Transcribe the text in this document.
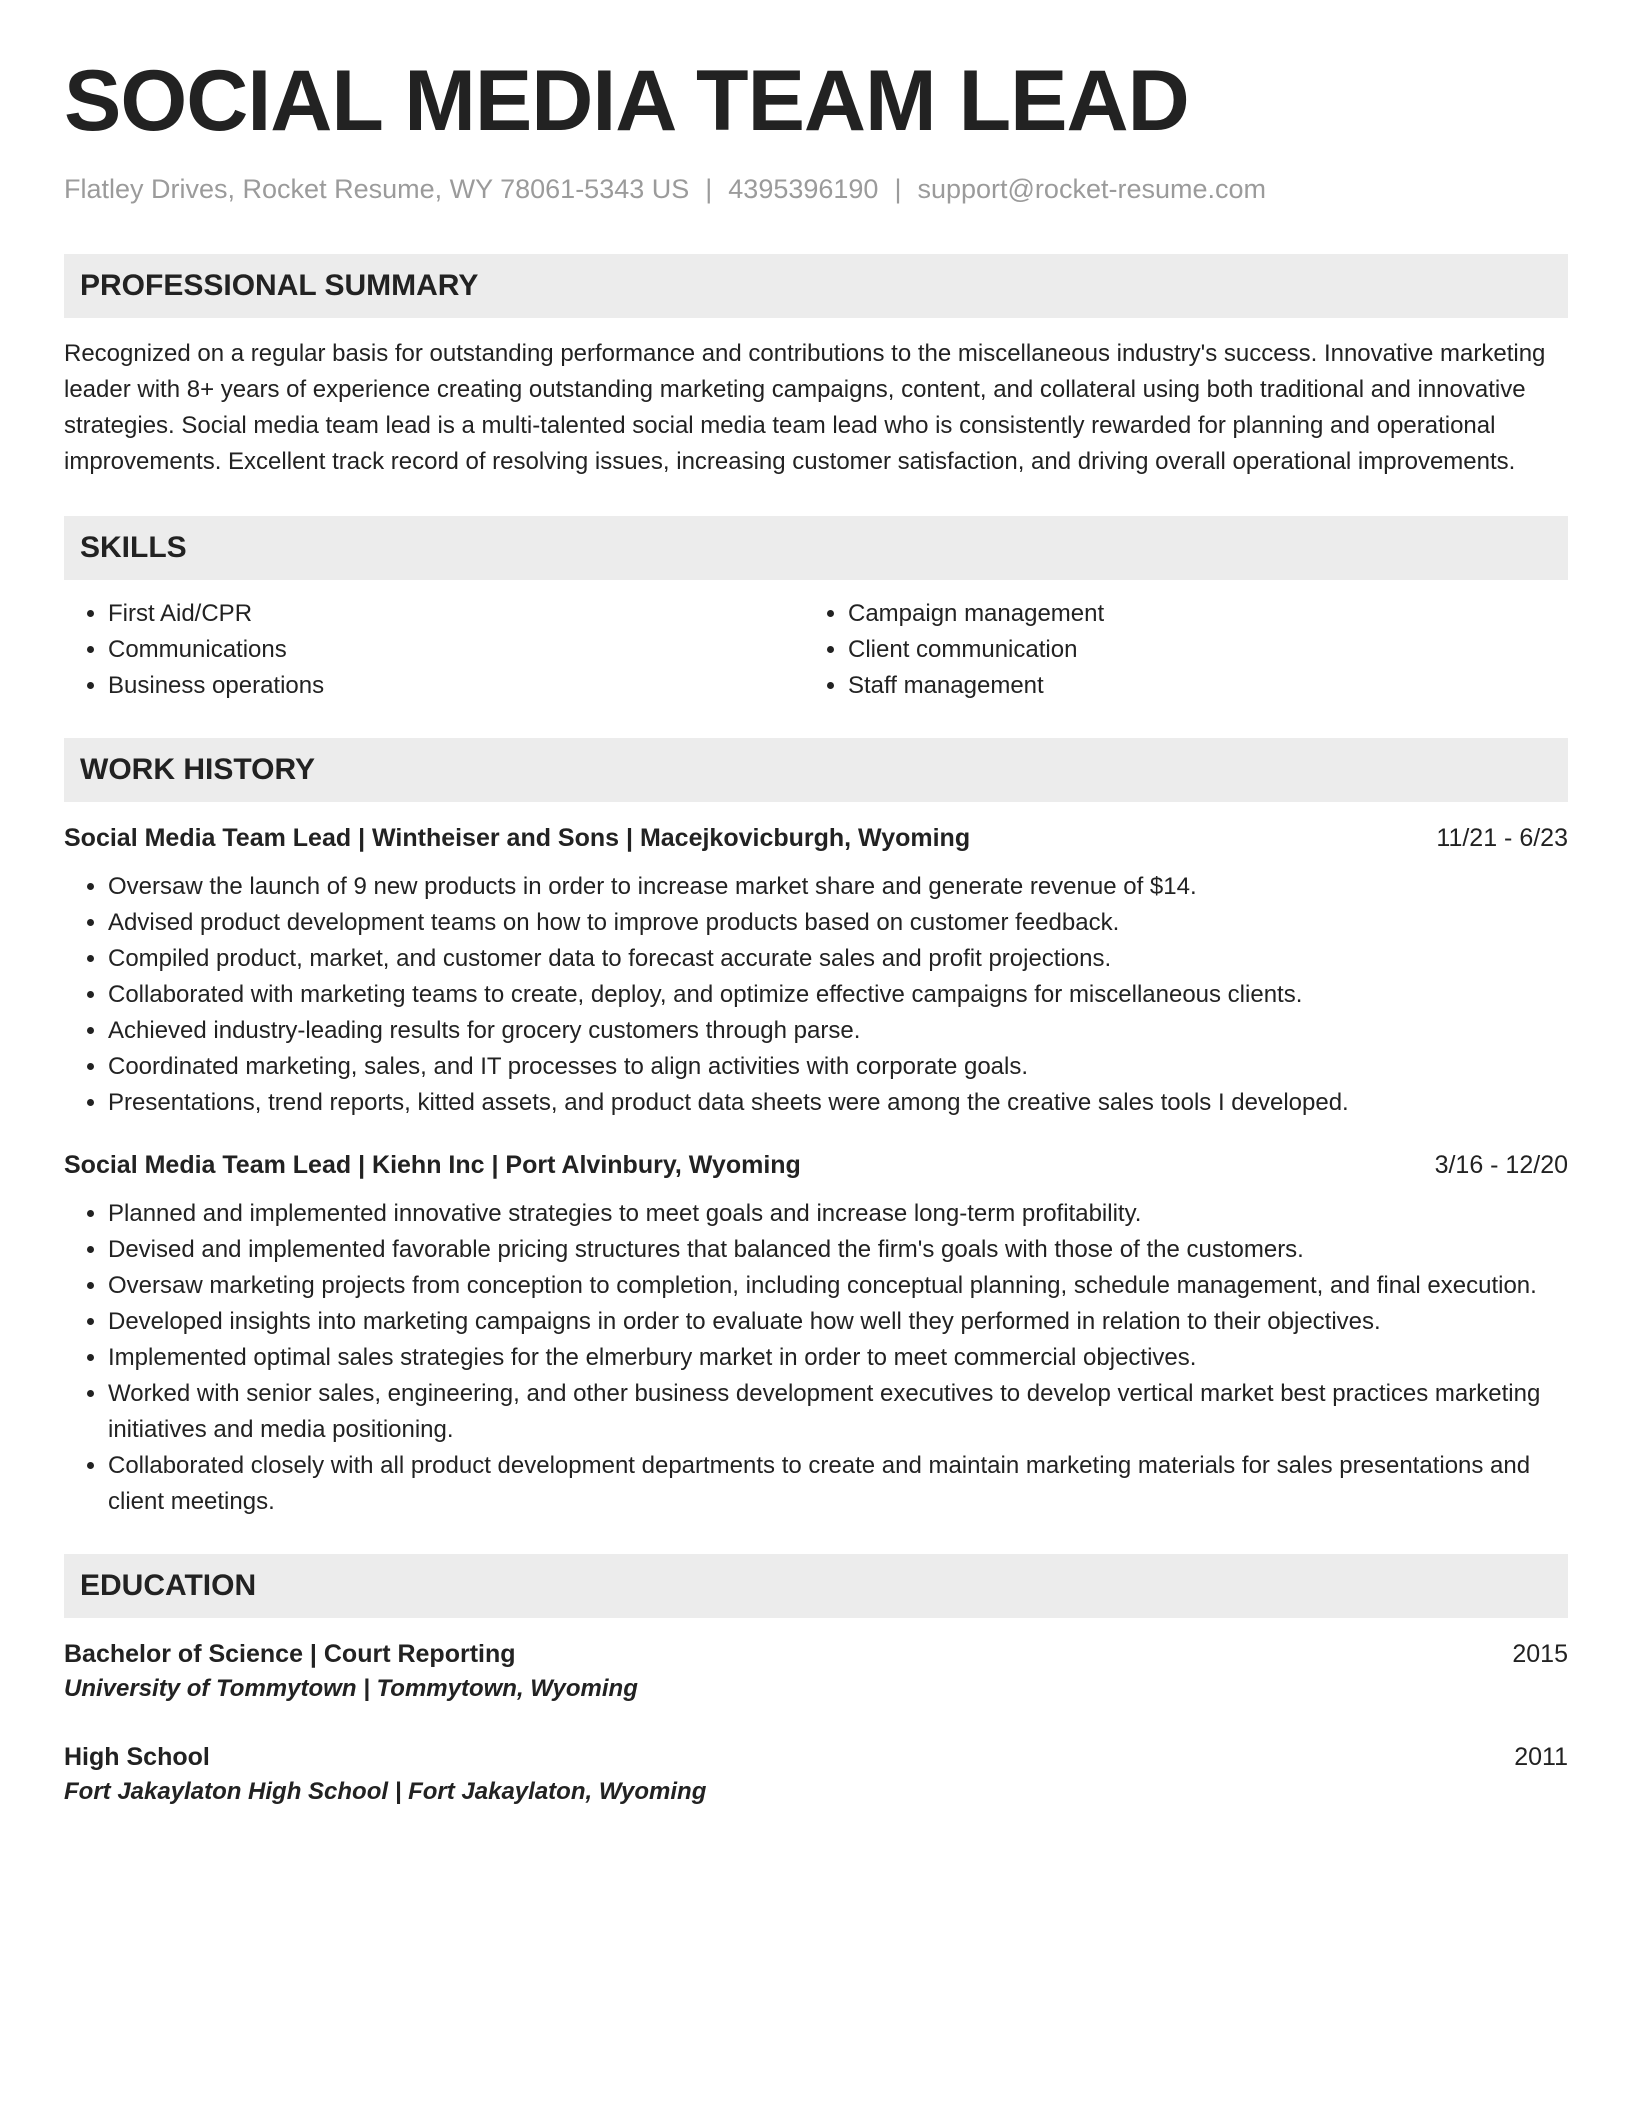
SOCIAL MEDIA TEAM LEAD
Flatley Drives, Rocket Resume, WY 78061-5343 US | 4395396190 | support@rocket-resume.com
PROFESSIONAL SUMMARY
Recognized on a regular basis for outstanding performance and contributions to the miscellaneous industry's success. Innovative marketing leader with 8+ years of experience creating outstanding marketing campaigns, content, and collateral using both traditional and innovative strategies. Social media team lead is a multi-talented social media team lead who is consistently rewarded for planning and operational improvements. Excellent track record of resolving issues, increasing customer satisfaction, and driving overall operational improvements.
SKILLS
• First Aid/CPR
• Communications
• Business operations
• Campaign management
• Client communication
• Staff management
WORK HISTORY
Social Media Team Lead | Wintheiser and Sons | Macejkovicburgh, Wyoming	11/21 - 6/23
• Oversaw the launch of 9 new products in order to increase market share and generate revenue of $14.
• Advised product development teams on how to improve products based on customer feedback.
• Compiled product, market, and customer data to forecast accurate sales and profit projections.
• Collaborated with marketing teams to create, deploy, and optimize effective campaigns for miscellaneous clients.
• Achieved industry-leading results for grocery customers through parse.
• Coordinated marketing, sales, and IT processes to align activities with corporate goals.
• Presentations, trend reports, kitted assets, and product data sheets were among the creative sales tools I developed.
Social Media Team Lead | Kiehn Inc | Port Alvinbury, Wyoming	3/16 - 12/20
• Planned and implemented innovative strategies to meet goals and increase long-term profitability.
• Devised and implemented favorable pricing structures that balanced the firm's goals with those of the customers.
• Oversaw marketing projects from conception to completion, including conceptual planning, schedule management, and final execution.
• Developed insights into marketing campaigns in order to evaluate how well they performed in relation to their objectives.
• Implemented optimal sales strategies for the elmerbury market in order to meet commercial objectives.
• Worked with senior sales, engineering, and other business development executives to develop vertical market best practices marketing initiatives and media positioning.
• Collaborated closely with all product development departments to create and maintain marketing materials for sales presentations and client meetings.
EDUCATION
Bachelor of Science | Court Reporting	2015
University of Tommytown | Tommytown, Wyoming
High School	2011
Fort Jakaylaton High School | Fort Jakaylaton, Wyoming
